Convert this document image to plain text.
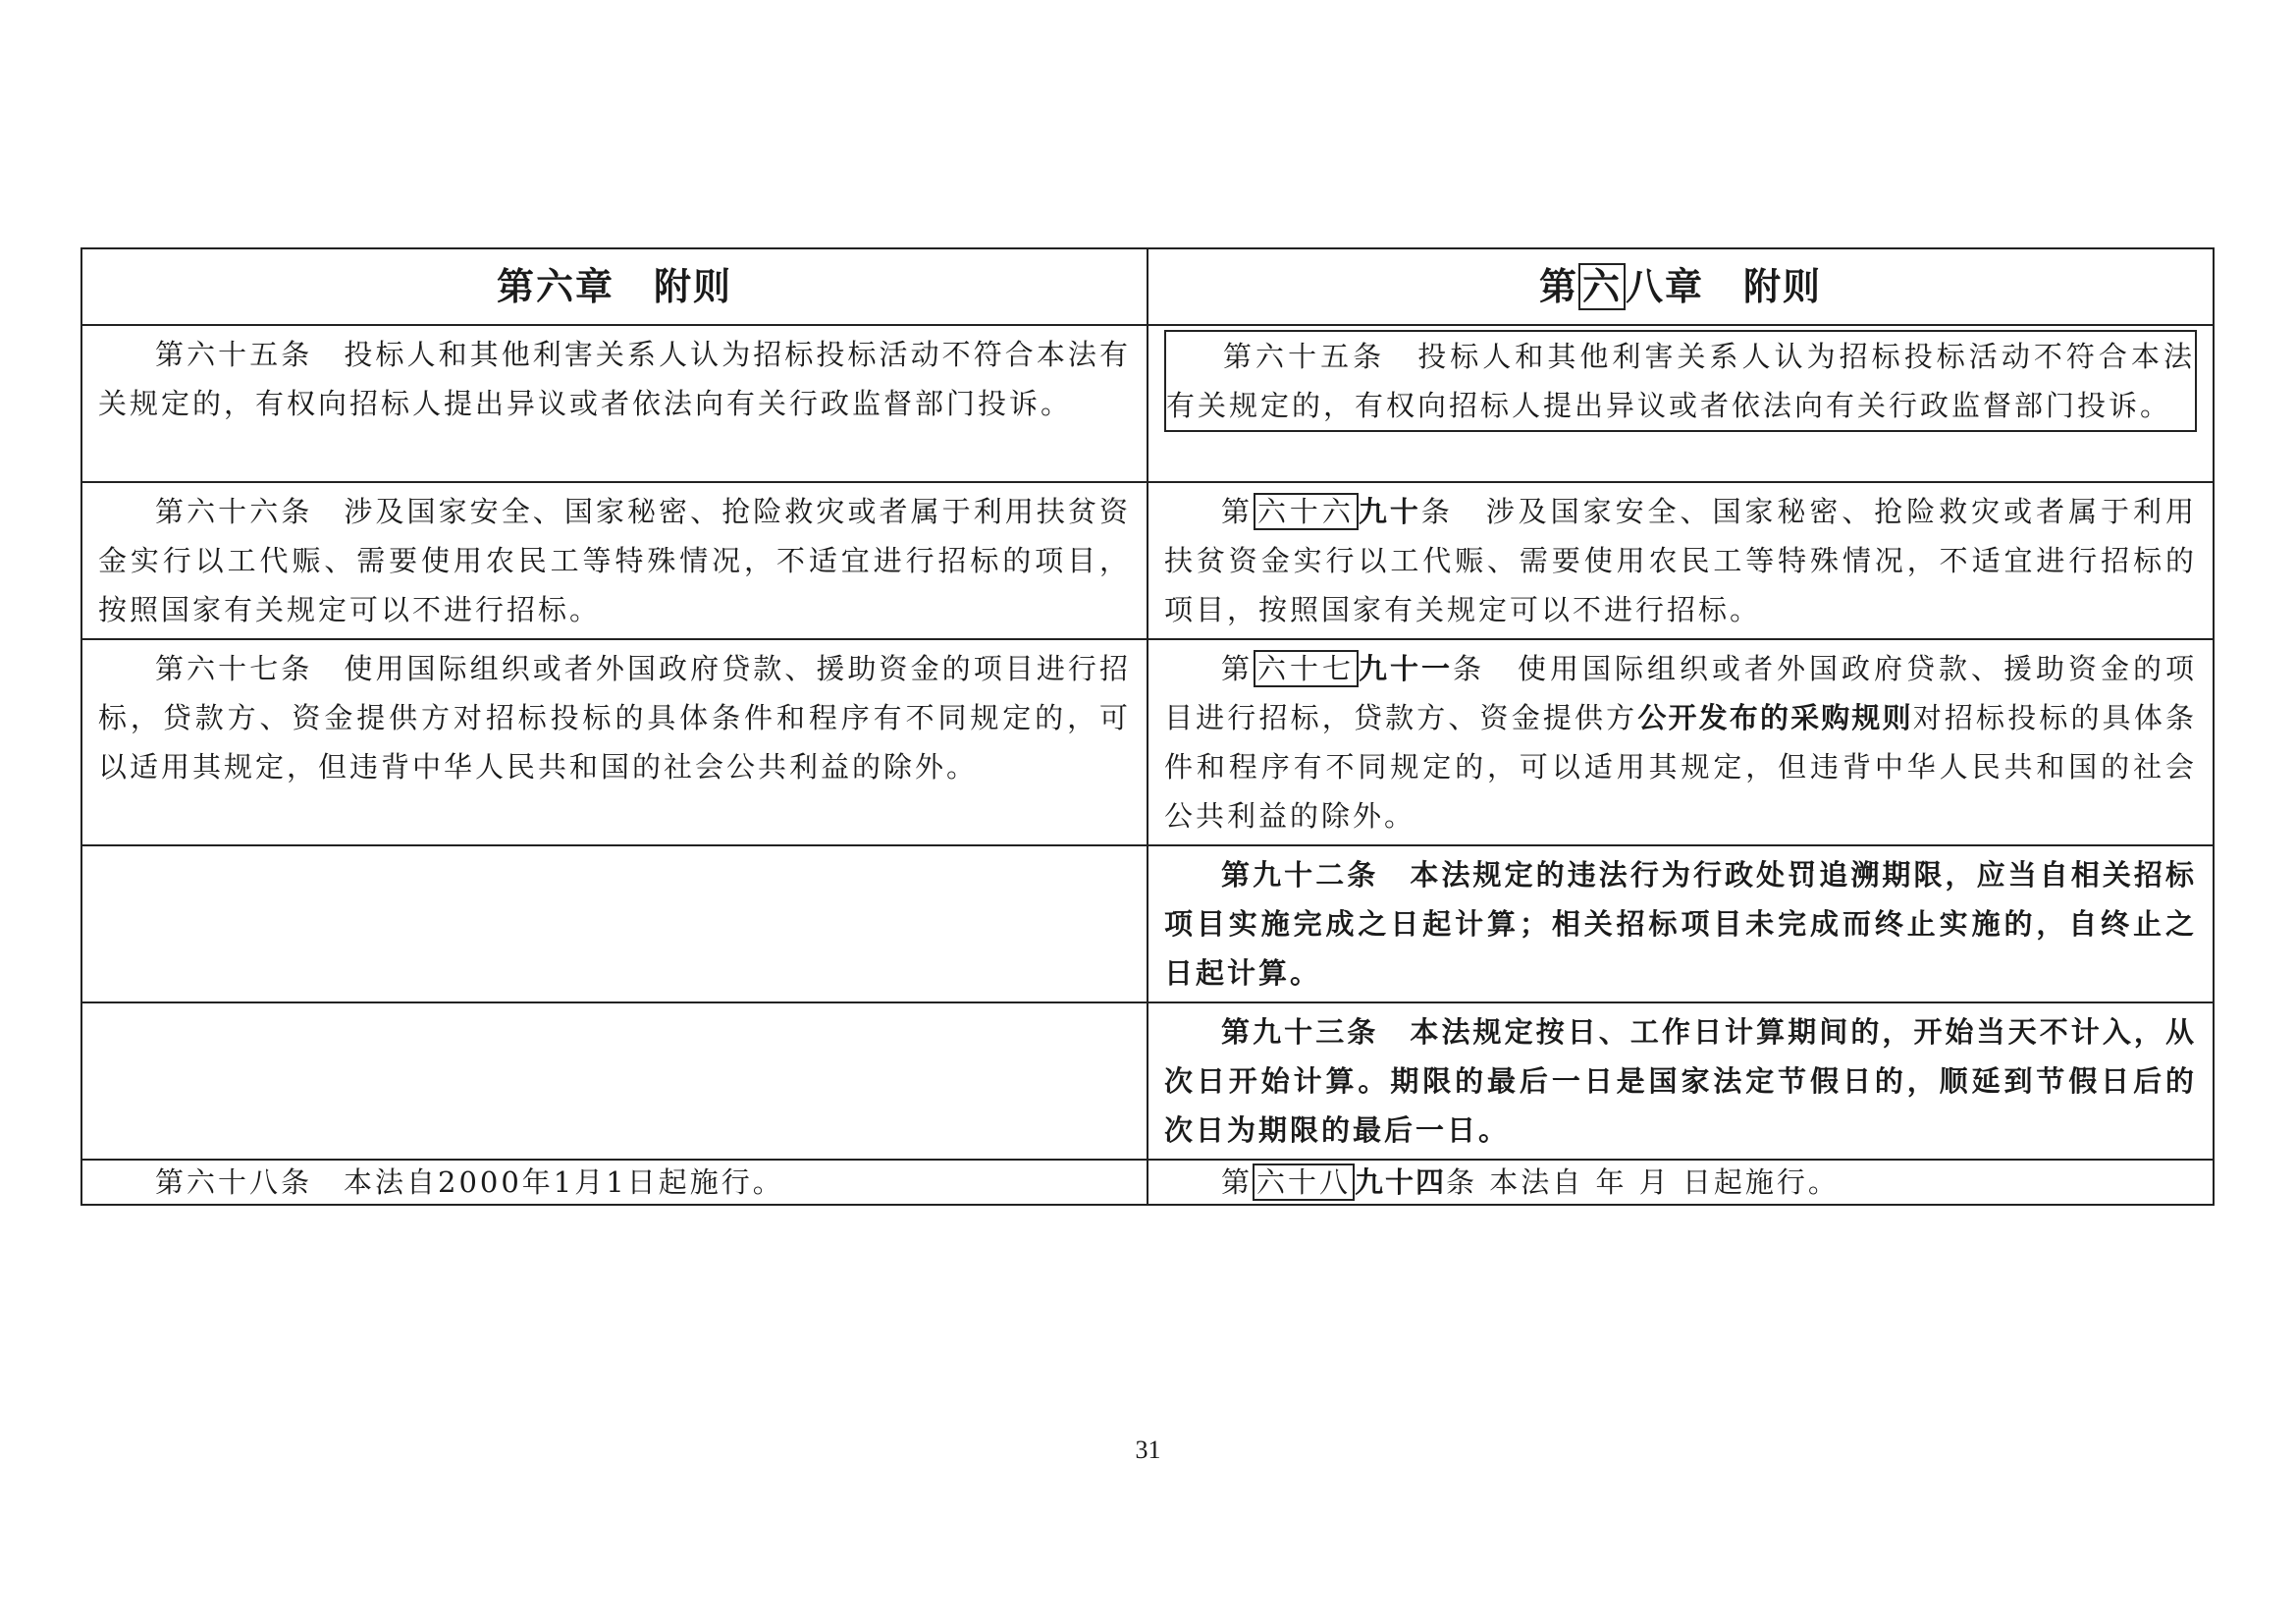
第六章　附则	第 六 八章　附则

第六十五条　投标人和其他利害关系人认为招标投标活动不符合本法有关规定的，有权向招标人提出异议或者依法向有关行政监督部门投诉。	第六十五条　投标人和其他利害关系人认为招标投标活动不符合本法有关规定的，有权向招标人提出异议或者依法向有关行政监督部门投诉。

第六十六条　涉及国家安全、国家秘密、抢险救灾或者属于利用扶贫资金实行以工代赈、需要使用农民工等特殊情况，不适宜进行招标的项目，按照国家有关规定可以不进行招标。	第 六十六 九十条　涉及国家安全、国家秘密、抢险救灾或者属于利用扶贫资金实行以工代赈、需要使用农民工等特殊情况，不适宜进行招标的项目，按照国家有关规定可以不进行招标。

第六十七条　使用国际组织或者外国政府贷款、援助资金的项目进行招标，贷款方、资金提供方对招标投标的具体条件和程序有不同规定的，可以适用其规定，但违背中华人民共和国的社会公共利益的除外。	第 六十七 九十一条　使用国际组织或者外国政府贷款、援助资金的项目进行招标，贷款方、资金提供方公开发布的采购规则对招标投标的具体条件和程序有不同规定的，可以适用其规定，但违背中华人民共和国的社会公共利益的除外。

	第九十二条　本法规定的违法行为行政处罚追溯期限，应当自相关招标项目实施完成之日起计算；相关招标项目未完成而终止实施的，自终止之日起计算。

	第九十三条　本法规定按日、工作日计算期间的，开始当天不计入，从次日开始计算。期限的最后一日是国家法定节假日的，顺延到节假日后的次日为期限的最后一日。

第六十八条　本法自2000年1月1日起施行。	第 六十八 九十四条 本法自 年 月 日起施行。

31
